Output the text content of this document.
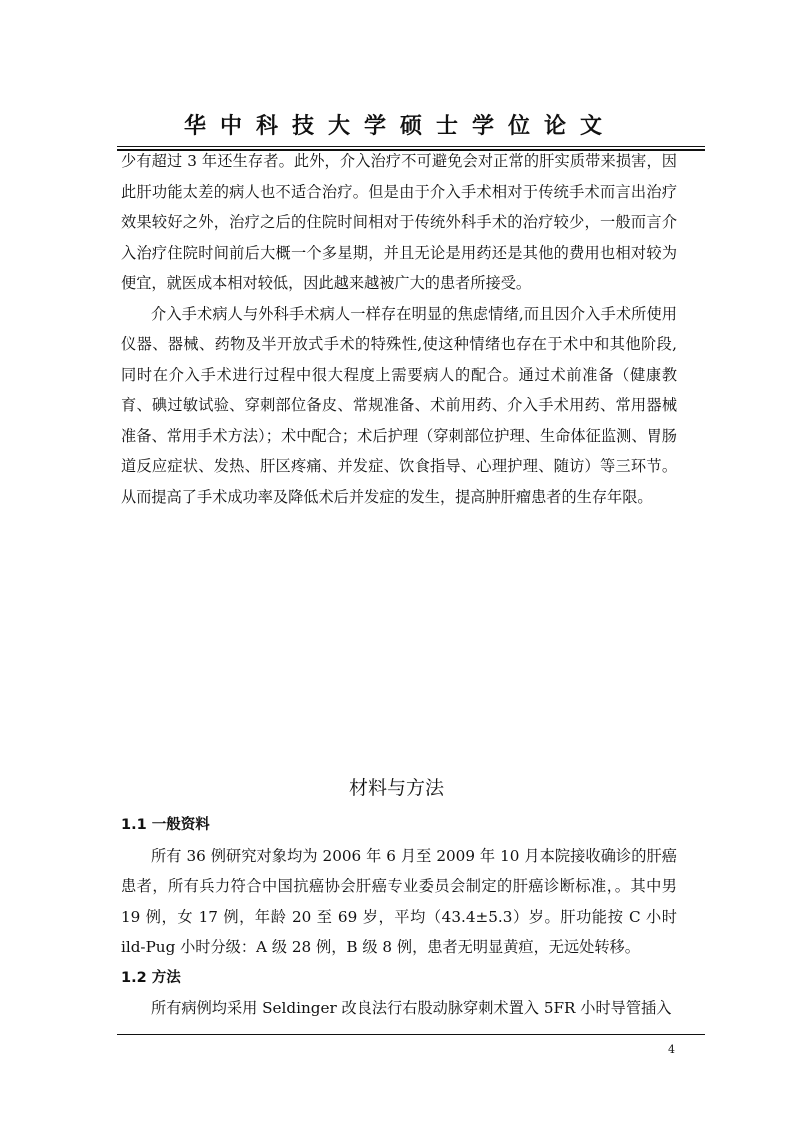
华中科技大学硕士学位论文

少有超过 3 年还生存者。此外，介入治疗不可避免会对正常的肝实质带来损害，因此肝功能太差的病人也不适合治疗。但是由于介入手术相对于传统手术而言出治疗效果较好之外，治疗之后的住院时间相对于传统外科手术的治疗较少，一般而言介入治疗住院时间前后大概一个多星期，并且无论是用药还是其他的费用也相对较为便宜，就医成本相对较低，因此越来越被广大的患者所接受。

介入手术病人与外科手术病人一样存在明显的焦虑情绪,而且因介入手术所使用仪器、器械、药物及半开放式手术的特殊性,使这种情绪也存在于术中和其他阶段,同时在介入手术进行过程中很大程度上需要病人的配合。通过术前准备（健康教育、碘过敏试验、穿刺部位备皮、常规准备、术前用药、介入手术用药、常用器械准备、常用手术方法）；术中配合；术后护理（穿刺部位护理、生命体征监测、胃肠道反应症状、发热、肝区疼痛、并发症、饮食指导、心理护理、随访）等三环节。从而提高了手术成功率及降低术后并发症的发生，提高肿肝瘤患者的生存年限。

材料与方法

1.1 一般资料

所有 36 例研究对象均为 2006 年 6 月至 2009 年 10 月本院接收确诊的肝癌患者，所有兵力符合中国抗癌协会肝癌专业委员会制定的肝癌诊断标准，。其中男 19 例，女 17 例，年龄 20 至 69 岁，平均（43.4±5.3）岁。肝功能按 C 小时 ild-Pug 小时分级：A 级 28 例，B 级 8 例，患者无明显黄疸，无远处转移。

1.2 方法

所有病例均采用 Seldinger 改良法行右股动脉穿刺术置入 5FR 小时导管插入

4
